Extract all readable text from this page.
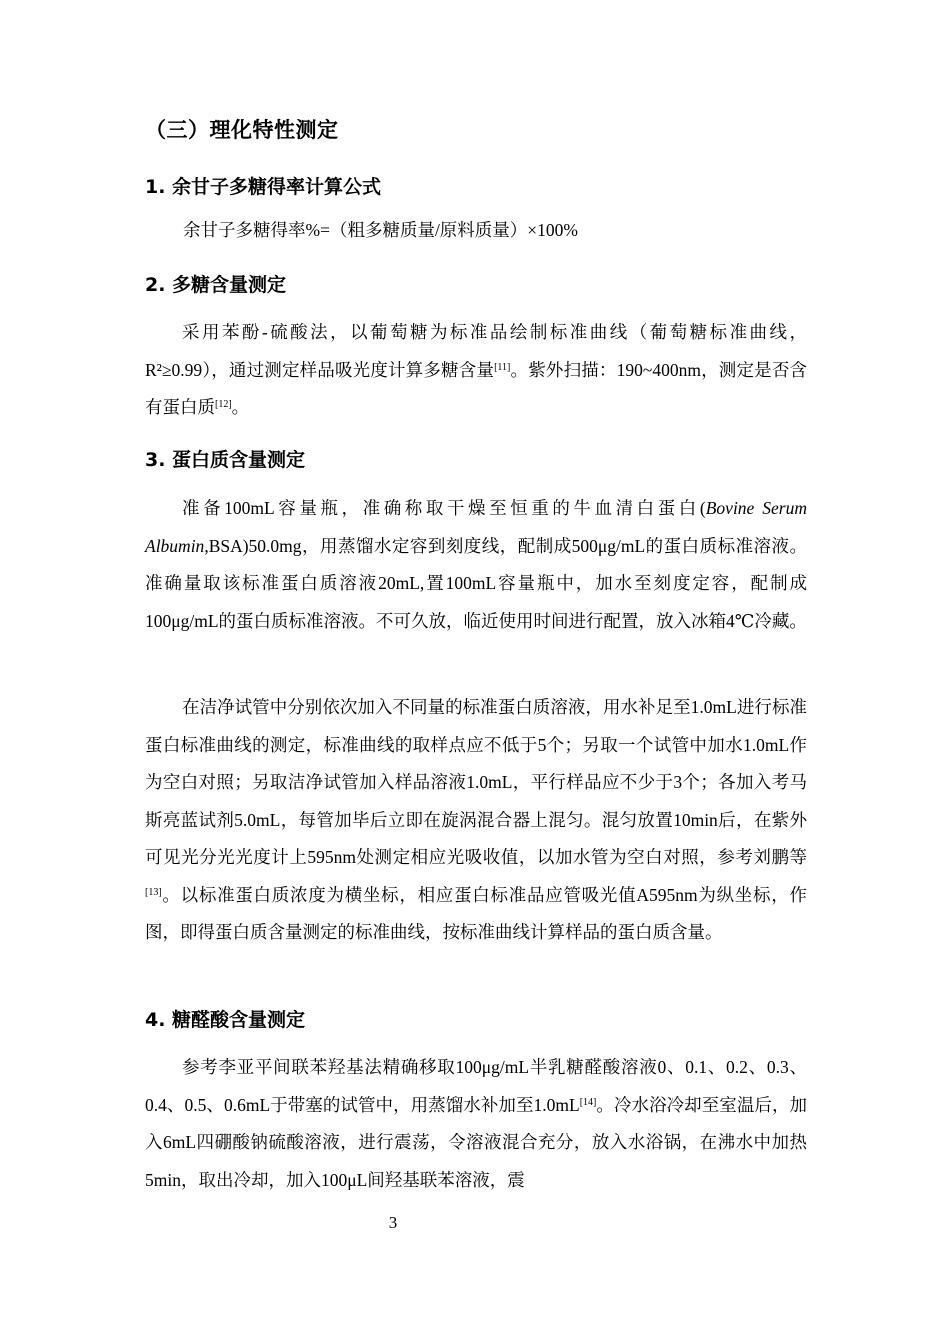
（三）理化特性测定
1. 余甘子多糖得率计算公式
余甘子多糖得率%=（粗多糖质量/原料质量）×100%
2. 多糖含量测定
采用苯酚-硫酸法，以葡萄糖为标准品绘制标准曲线（葡萄糖标准曲线，R²≥0.99），通过测定样品吸光度计算多糖含量[11]。紫外扫描：190~400nm，测定是否含有蛋白质[12]。
3. 蛋白质含量测定
准备100mL容量瓶，准确称取干燥至恒重的牛血清白蛋白(Bovine Serum Albumin,BSA)50.0mg，用蒸馏水定容到刻度线，配制成500μg/mL的蛋白质标准溶液。准确量取该标准蛋白质溶液20mL,置100mL容量瓶中，加水至刻度定容，配制成100μg/mL的蛋白质标准溶液。不可久放，临近使用时间进行配置，放入冰箱4℃冷藏。
在洁净试管中分别依次加入不同量的标准蛋白质溶液，用水补足至1.0mL进行标准蛋白标准曲线的测定，标准曲线的取样点应不低于5个；另取一个试管中加水1.0mL作为空白对照；另取洁净试管加入样品溶液1.0mL，平行样品应不少于3个；各加入考马斯亮蓝试剂5.0mL，每管加毕后立即在旋涡混合器上混匀。混匀放置10min后，在紫外可见光分光光度计上595nm处测定相应光吸收值，以加水管为空白对照，参考刘鹏等[13]。以标准蛋白质浓度为横坐标，相应蛋白标准品应管吸光值A595nm为纵坐标，作图，即得蛋白质含量测定的标准曲线，按标准曲线计算样品的蛋白质含量。
4. 糖醛酸含量测定
参考李亚平间联苯羟基法精确移取100μg/mL半乳糖醛酸溶液0、0.1、0.2、0.3、0.4、0.5、0.6mL于带塞的试管中，用蒸馏水补加至1.0mL[14]。冷水浴冷却至室温后，加入6mL四硼酸钠硫酸溶液，进行震荡，令溶液混合充分，放入水浴锅，在沸水中加热5min，取出冷却，加入100μL间羟基联苯溶液，震
3
